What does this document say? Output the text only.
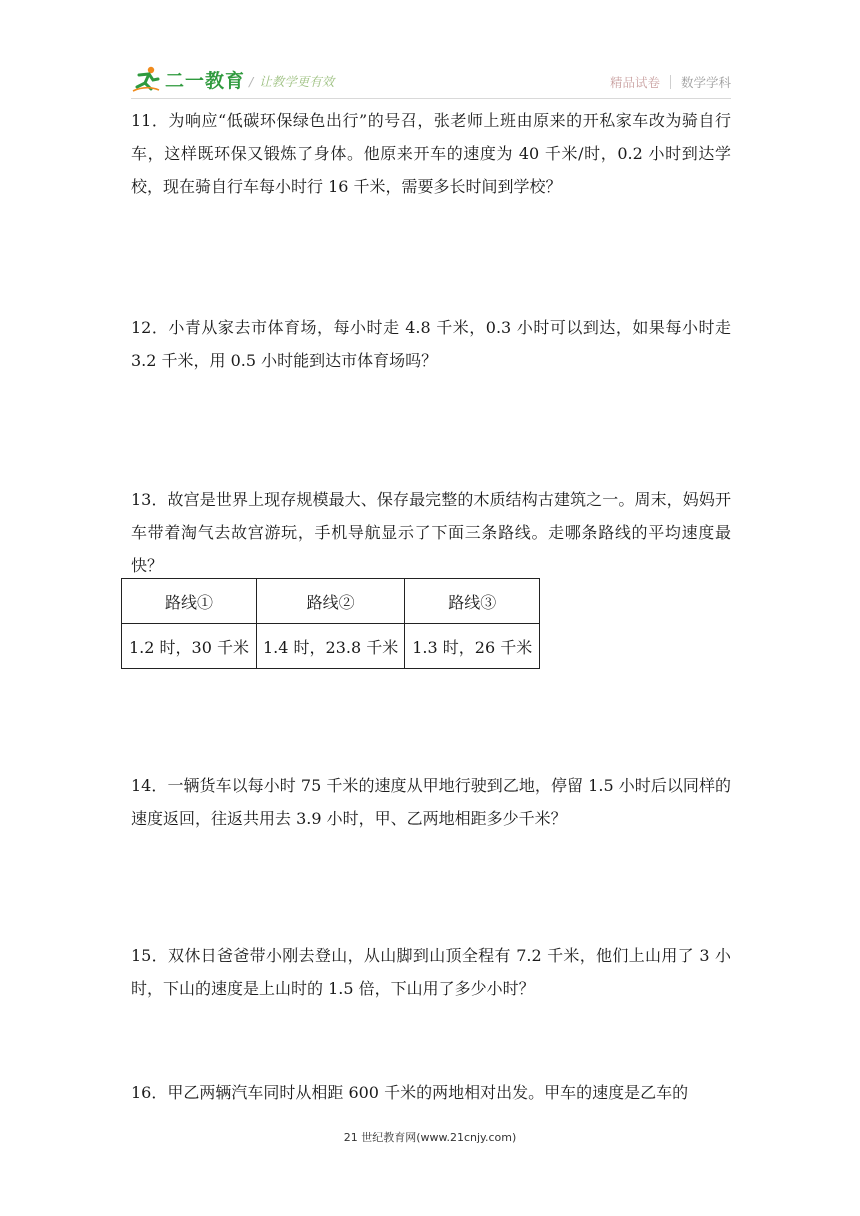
二一教育 / 让教学更有效	精品试卷 数学学科

11．为响应“低碳环保绿色出行”的号召，张老师上班由原来的开私家车改为骑自行车，这样既环保又锻炼了身体。他原来开车的速度为 40 千米/时，0.2 小时到达学校，现在骑自行车每小时行 16 千米，需要多长时间到学校？

12．小青从家去市体育场，每小时走 4.8 千米，0.3 小时可以到达，如果每小时走 3.2 千米，用 0.5 小时能到达市体育场吗？

13．故宫是世界上现存规模最大、保存最完整的木质结构古建筑之一。周末，妈妈开车带着淘气去故宫游玩，手机导航显示了下面三条路线。走哪条路线的平均速度最快？

路线①	路线②	路线③
1.2 时，30 千米	1.4 时，23.8 千米	1.3 时，26 千米

14．一辆货车以每小时 75 千米的速度从甲地行驶到乙地，停留 1.5 小时后以同样的速度返回，往返共用去 3.9 小时，甲、乙两地相距多少千米？

15．双休日爸爸带小刚去登山，从山脚到山顶全程有 7.2 千米，他们上山用了 3 小时，下山的速度是上山时的 1.5 倍，下山用了多少小时？

16．甲乙两辆汽车同时从相距 600 千米的两地相对出发。甲车的速度是乙车的

21 世纪教育网(www.21cnjy.com)
